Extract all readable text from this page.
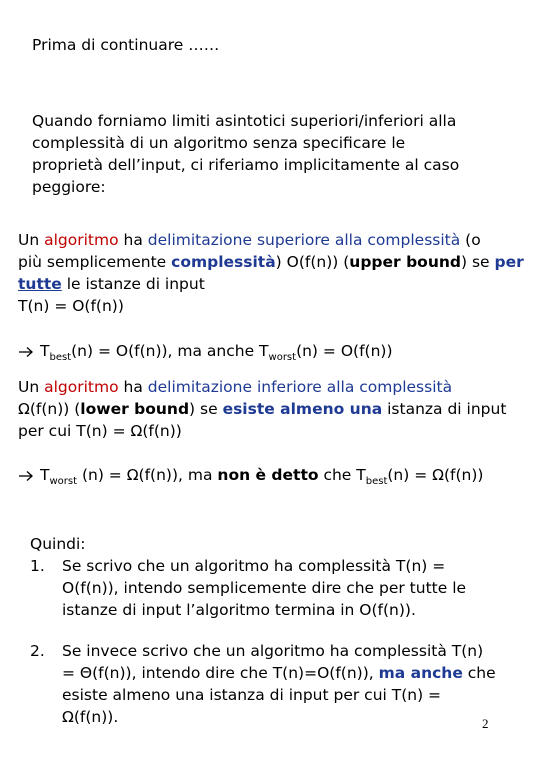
Prima di continuare ……
Quando forniamo limiti asintotici superiori/inferiori alla
complessità di un algoritmo senza specificare le
proprietà dell’input, ci riferiamo implicitamente al caso
peggiore:
Un algoritmo ha delimitazione superiore alla complessità (o
più semplicemente complessità) O(f(n)) (upper bound) se per
tutte le istanze di input
T(n) = O(f(n))
$T_{best}(n) = O(f(n))$, ma anche $T_{worst}(n) = O(f(n))$
Un algoritmo ha delimitazione inferiore alla complessità
Ω(f(n)) (lower bound) se esiste almeno una istanza di input
per cui T(n) = Ω(f(n))
$T_{worst}$ (n) = Ω(f(n)), ma non è detto che $T_{best}(n) = \Omega(f(n))$
Quindi:
1. Se scrivo che un algoritmo ha complessità T(n) =
O(f(n)), intendo semplicemente dire che per tutte le
istanze di input l’algoritmo termina in O(f(n)).
2. Se invece scrivo che un algoritmo ha complessità T(n)
= Θ(f(n)), intendo dire che T(n)=O(f(n)), ma anche che
esiste almeno una istanza di input per cui T(n) =
Ω(f(n)).	2
